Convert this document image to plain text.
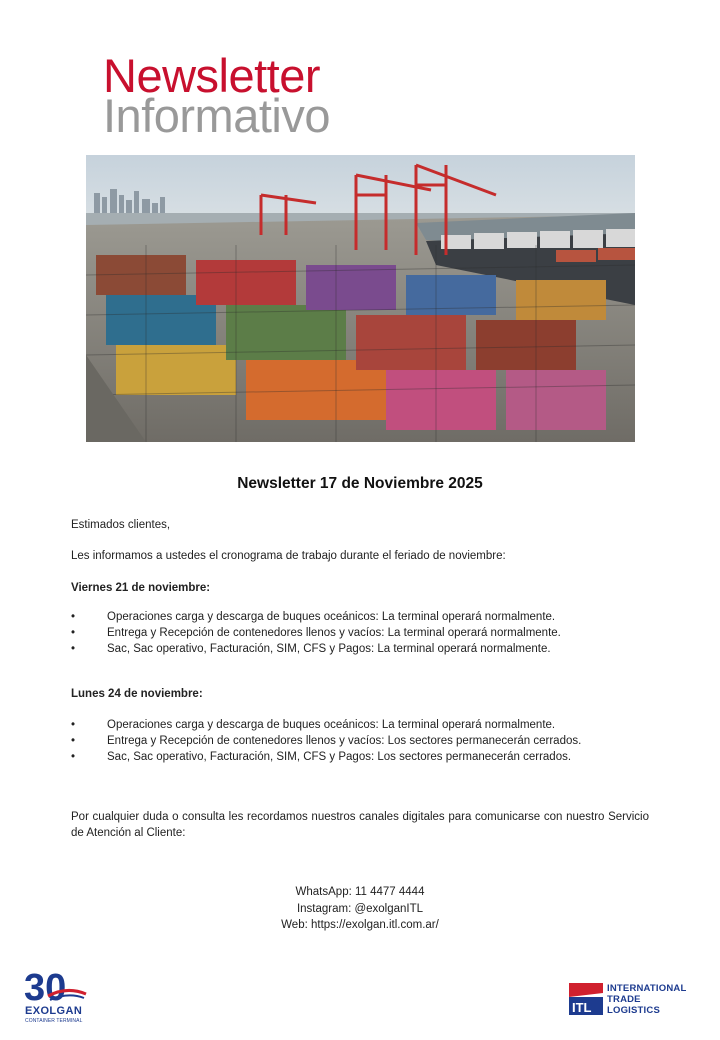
Newsletter
Informativo
Newsletter 17 de Noviembre 2025
Estimados clientes,
Les informamos a ustedes el cronograma de trabajo durante el feriado de noviembre:
Viernes 21 de noviembre:
•	Operaciones carga y descarga de buques oceánicos: La terminal operará normalmente.
•	Entrega y Recepción de contenedores llenos y vacíos: La terminal operará normalmente.
•	Sac, Sac operativo, Facturación, SIM, CFS y Pagos: La terminal operará normalmente.
Lunes 24 de noviembre:
•	Operaciones carga y descarga de buques oceánicos: La terminal operará normalmente.
•	Entrega y Recepción de contenedores llenos y vacíos: Los sectores permanecerán cerrados.
•	Sac, Sac operativo, Facturación, SIM, CFS y Pagos: Los sectores permanecerán cerrados.
Por cualquier duda o consulta les recordamos nuestros canales digitales para comunicarse con nuestro Servicio de Atención al Cliente:
WhatsApp: 11 4477 4444
Instagram: @exolganITL
Web: https://exolgan.itl.com.ar/
30
EXOLGAN
CONTAINER TERMINAL
ITL
INTERNATIONAL
TRADE
LOGISTICS
